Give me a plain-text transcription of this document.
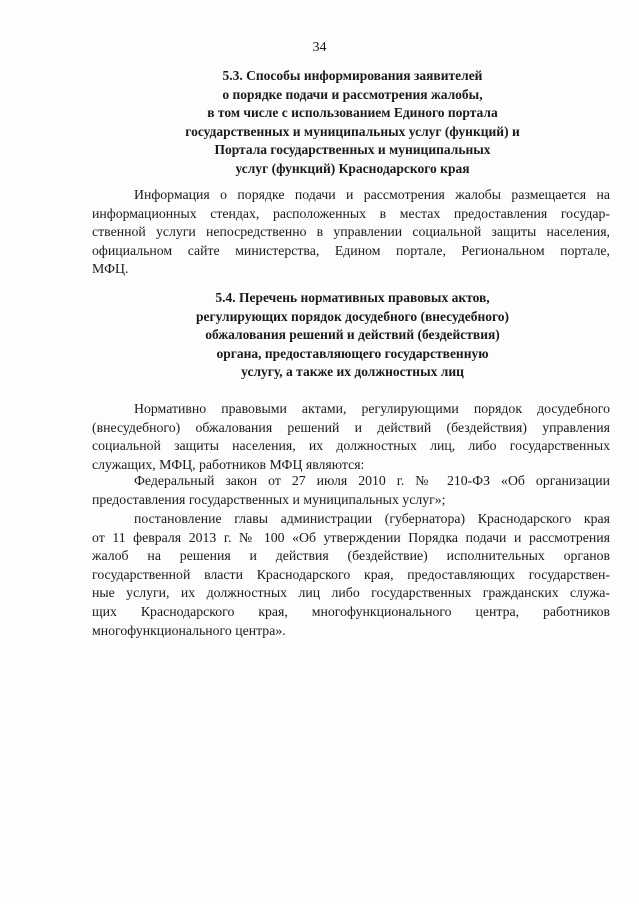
34
5.3. Способы информирования заявителей
о порядке подачи и рассмотрения жалобы,
в том числе с использованием Единого портала
государственных и муниципальных услуг (функций) и
Портала государственных и муниципальных
услуг (функций) Краснодарского края
Информация о порядке подачи и рассмотрения жалобы размещается на
информационных стендах, расположенных в местах предоставления государ-
ственной услуги непосредственно в управлении социальной защиты населения,
официальном сайте министерства, Едином портале, Региональном портале,
МФЦ.
5.4. Перечень нормативных правовых актов,
регулирующих порядок досудебного (внесудебного)
обжалования решений и действий (бездействия)
органа, предоставляющего государственную
услугу, а также их должностных лиц
Нормативно правовыми актами, регулирующими порядок досудебного
(внесудебного) обжалования решений и действий (бездействия) управления
социальной защиты населения, их должностных лиц, либо государственных
служащих, МФЦ, работников МФЦ являются:
Федеральный закон от 27 июля 2010 г. № 210-ФЗ «Об организации
предоставления государственных и муниципальных услуг»;
постановление главы администрации (губернатора) Краснодарского края
от 11 февраля 2013 г. № 100 «Об утверждении Порядка подачи и рассмотрения
жалоб на решения и действия (бездействие) исполнительных органов
государственной власти Краснодарского края, предоставляющих государствен-
ные услуги, их должностных лиц либо государственных гражданских служа-
щих Краснодарского края, многофункционального центра, работников
многофункционального центра».
